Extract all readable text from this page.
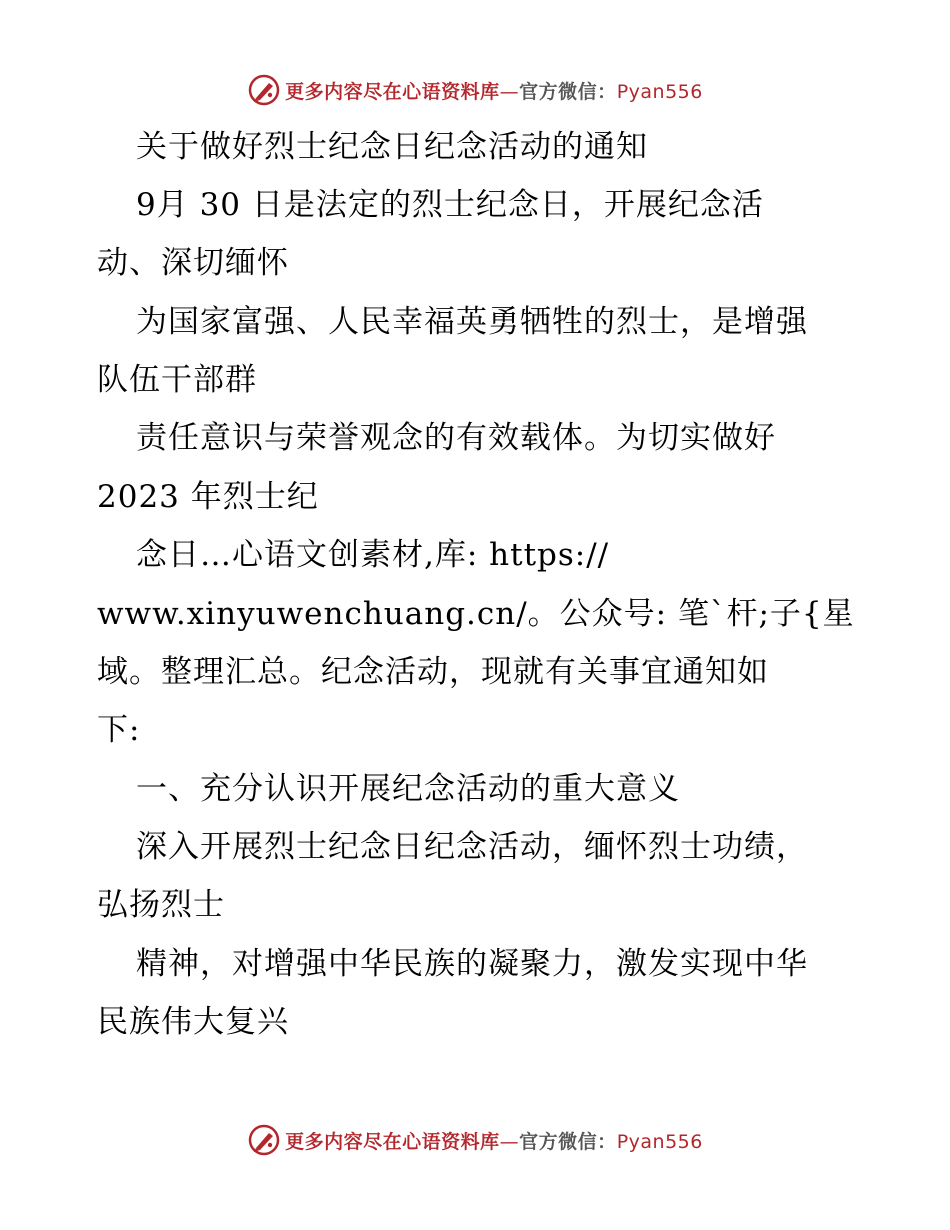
更多内容尽在心语资料库—官方微信：Pyan556
关于做好烈士纪念日纪念活动的通知
9月 30 日是法定的烈士纪念日，开展纪念活
动、深切缅怀
为国家富强、人民幸福英勇牺牲的烈士，是增强
队伍干部群
责任意识与荣誉观念的有效载体。为切实做好
2023 年烈士纪
念日…心语文创素材,库: https://
www.xinyuwenchuang.cn/。公众号: 笔`杆;子{星
域。整理汇总。纪念活动，现就有关事宜通知如
下:
一、充分认识开展纪念活动的重大意义
深入开展烈士纪念日纪念活动，缅怀烈士功绩，
弘扬烈士
精神，对增强中华民族的凝聚力，激发实现中华
民族伟大复兴
更多内容尽在心语资料库—官方微信：Pyan556
